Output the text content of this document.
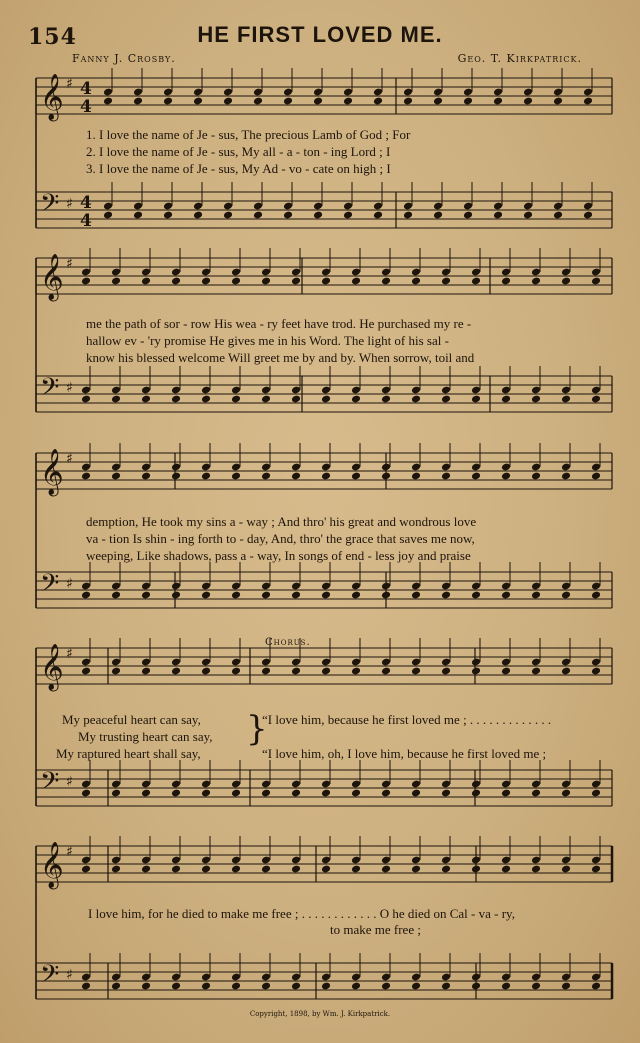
154	HE FIRST LOVED ME.
Fanny J. Crosby.	Geo. T. Kirkpatrick.
𝄞 ♯ 4
4
𝄢 ♯ 4
4
𝄞 ♯
𝄢 ♯
𝄞 ♯
𝄢 ♯
𝄞 ♯
𝄢 ♯
𝄞 ♯
𝄢 ♯
1. I love the name of Je - sus, The precious Lamb of God ; For
2. I love the name of Je - sus, My all - a - ton - ing Lord ; I
3. I love the name of Je - sus, My Ad - vo - cate on high ; I
me the path of sor - row His wea - ry feet have trod. He purchased my re -
hallow ev - 'ry promise He gives me in his Word. The light of his sal -
know his blessed welcome Will greet me by and by. When sorrow, toil and
demption, He took my sins a - way ; And thro' his great and wondrous love
va - tion Is shin - ing forth to - day, And, thro' the grace that saves me now,
weeping, Like shadows, pass a - way, In songs of end - less joy and praise
Chorus.
My peaceful heart can say,
My trusting heart can say,
My raptured heart shall say,
}
“I love him, because he first loved me ; . . . . . . . . . . . . .
“I love him, oh, I love him, because he first loved me ;
I love him, for he died to make me free ; . . . . . . . . . . . . O he died on Cal - va - ry,
to make me free ;
Copyright, 1898, by Wm. J. Kirkpatrick.
